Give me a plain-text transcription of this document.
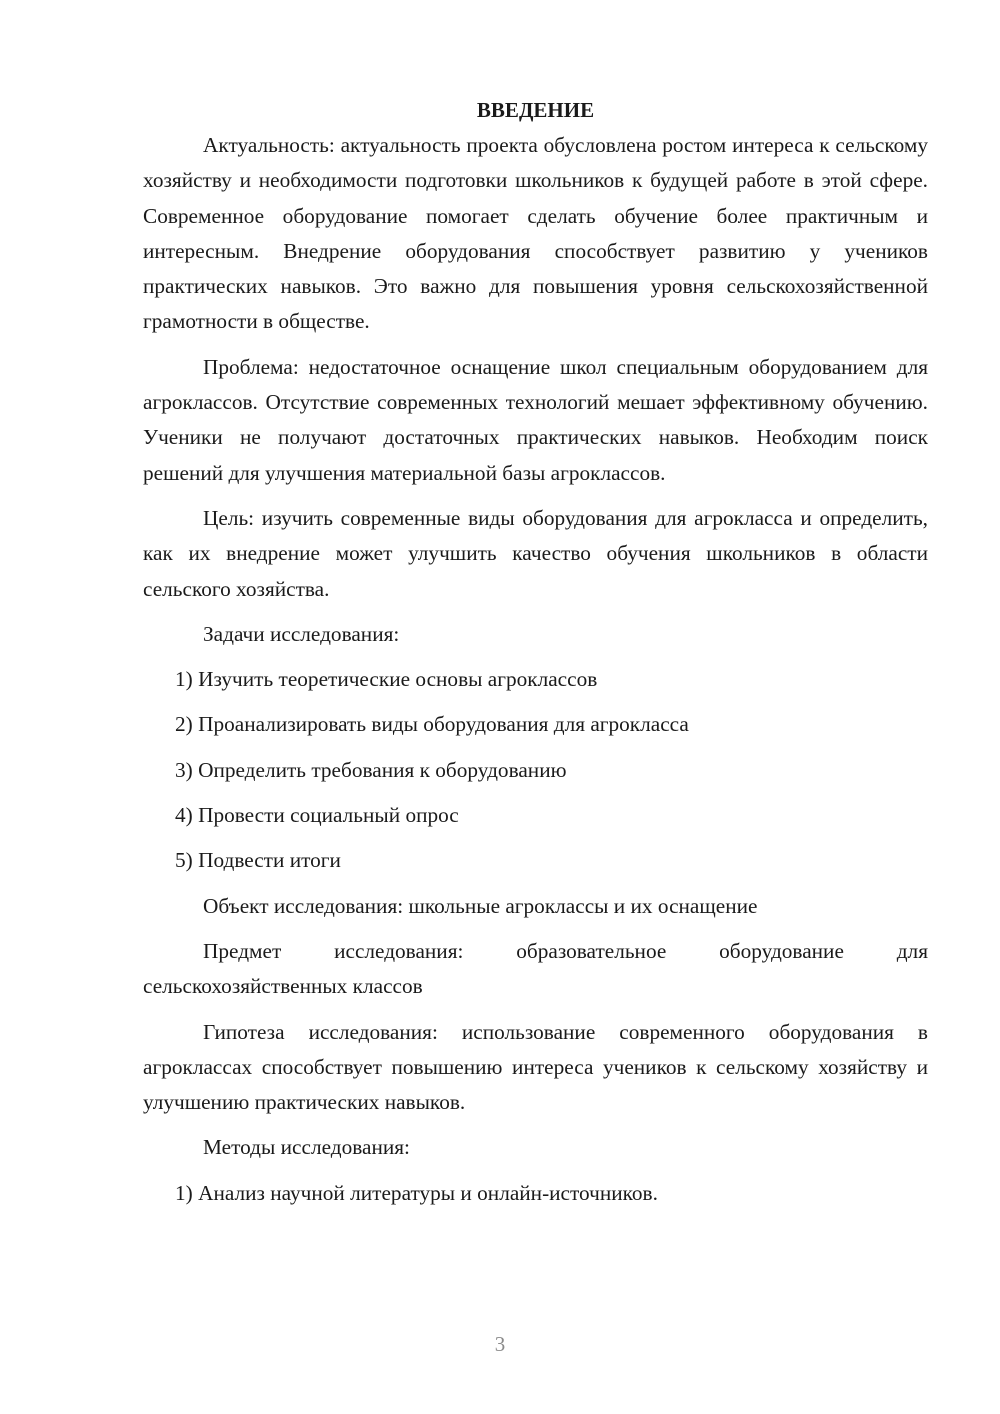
ВВЕДЕНИЕ

Актуальность: актуальность проекта обусловлена ростом интереса к сельскому хозяйству и необходимости подготовки школьников к будущей работе в этой сфере. Современное оборудование помогает сделать обучение более практичным и интересным. Внедрение оборудования способствует развитию у учеников практических навыков. Это важно для повышения уровня сельскохозяйственной грамотности в обществе.

Проблема: недостаточное оснащение школ специальным оборудованием для агроклассов. Отсутствие современных технологий мешает эффективному обучению. Ученики не получают достаточных практических навыков. Необходим поиск решений для улучшения материальной базы агроклассов.

Цель: изучить современные виды оборудования для агрокласса и определить, как их внедрение может улучшить качество обучения школьников в области сельского хозяйства.

Задачи исследования:

1) Изучить теоретические основы агроклассов

2) Проанализировать виды оборудования для агрокласса

3) Определить требования к оборудованию

4) Провести социальный опрос

5) Подвести итоги

Объект исследования: школьные агроклассы и их оснащение

Предмет исследования: образовательное оборудование для сельскохозяйственных классов

Гипотеза исследования: использование современного оборудования в агроклассах способствует повышению интереса учеников к сельскому хозяйству и улучшению практических навыков.

Методы исследования:

1) Анализ научной литературы и онлайн-источников.

3
